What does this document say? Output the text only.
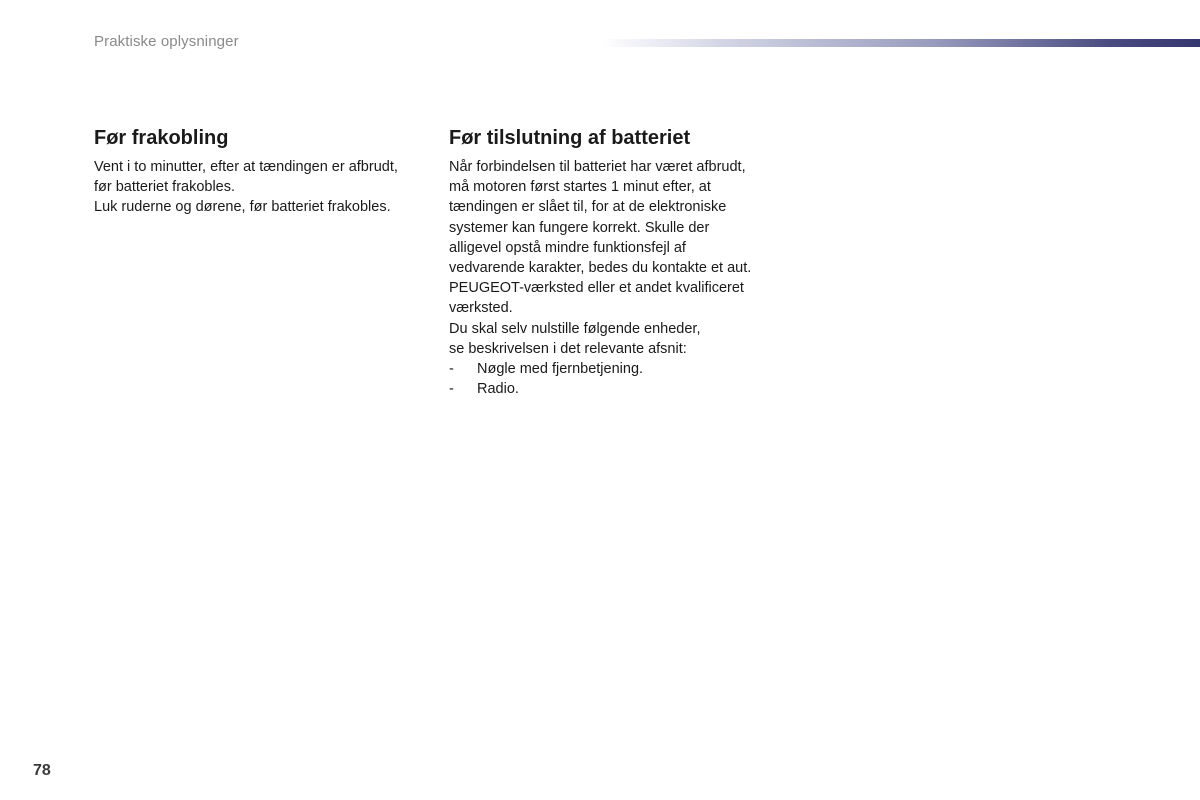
Praktiske oplysninger
Før frakobling

Vent i to minutter, efter at tændingen er afbrudt,
før batteriet frakobles.

Luk ruderne og dørene, før batteriet frakobles.

Før tilslutning af batteriet

Når forbindelsen til batteriet har været afbrudt,
må motoren først startes 1 minut efter, at
tændingen er slået til, for at de elektroniske
systemer kan fungere korrekt. Skulle der
alligevel opstå mindre funktionsfejl af
vedvarende karakter, bedes du kontakte et aut.
PEUGEOT-værksted eller et andet kvalificeret
værksted.

Du skal selv nulstille følgende enheder,
se beskrivelsen i det relevante afsnit:

-	Nøgle med fjernbetjening.
-	Radio.
78
